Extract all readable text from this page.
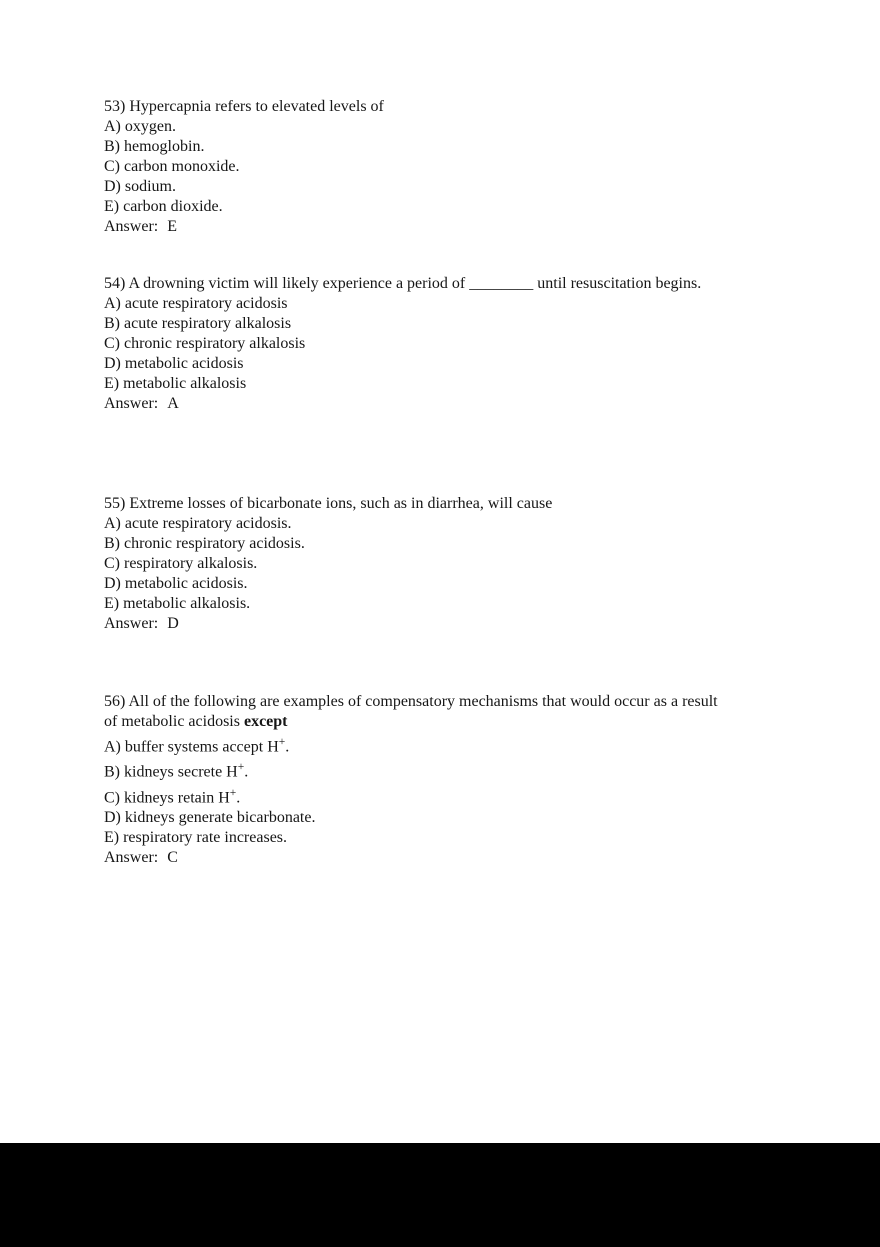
53) Hypercapnia refers to elevated levels of

A) oxygen.

B) hemoglobin.

C) carbon monoxide.

D) sodium.

E) carbon dioxide.

Answer: E

54) A drowning victim will likely experience a period of ________ until resuscitation begins.

A) acute respiratory acidosis

B) acute respiratory alkalosis

C) chronic respiratory alkalosis

D) metabolic acidosis

E) metabolic alkalosis

Answer: A

55) Extreme losses of bicarbonate ions, such as in diarrhea, will cause

A) acute respiratory acidosis.

B) chronic respiratory acidosis.

C) respiratory alkalosis.

D) metabolic acidosis.

E) metabolic alkalosis.

Answer: D

56) All of the following are examples of compensatory mechanisms that would occur as a result
of metabolic acidosis except

A) buffer systems accept H+.

B) kidneys secrete H+.

C) kidneys retain H+.

D) kidneys generate bicarbonate.

E) respiratory rate increases.

Answer: C
